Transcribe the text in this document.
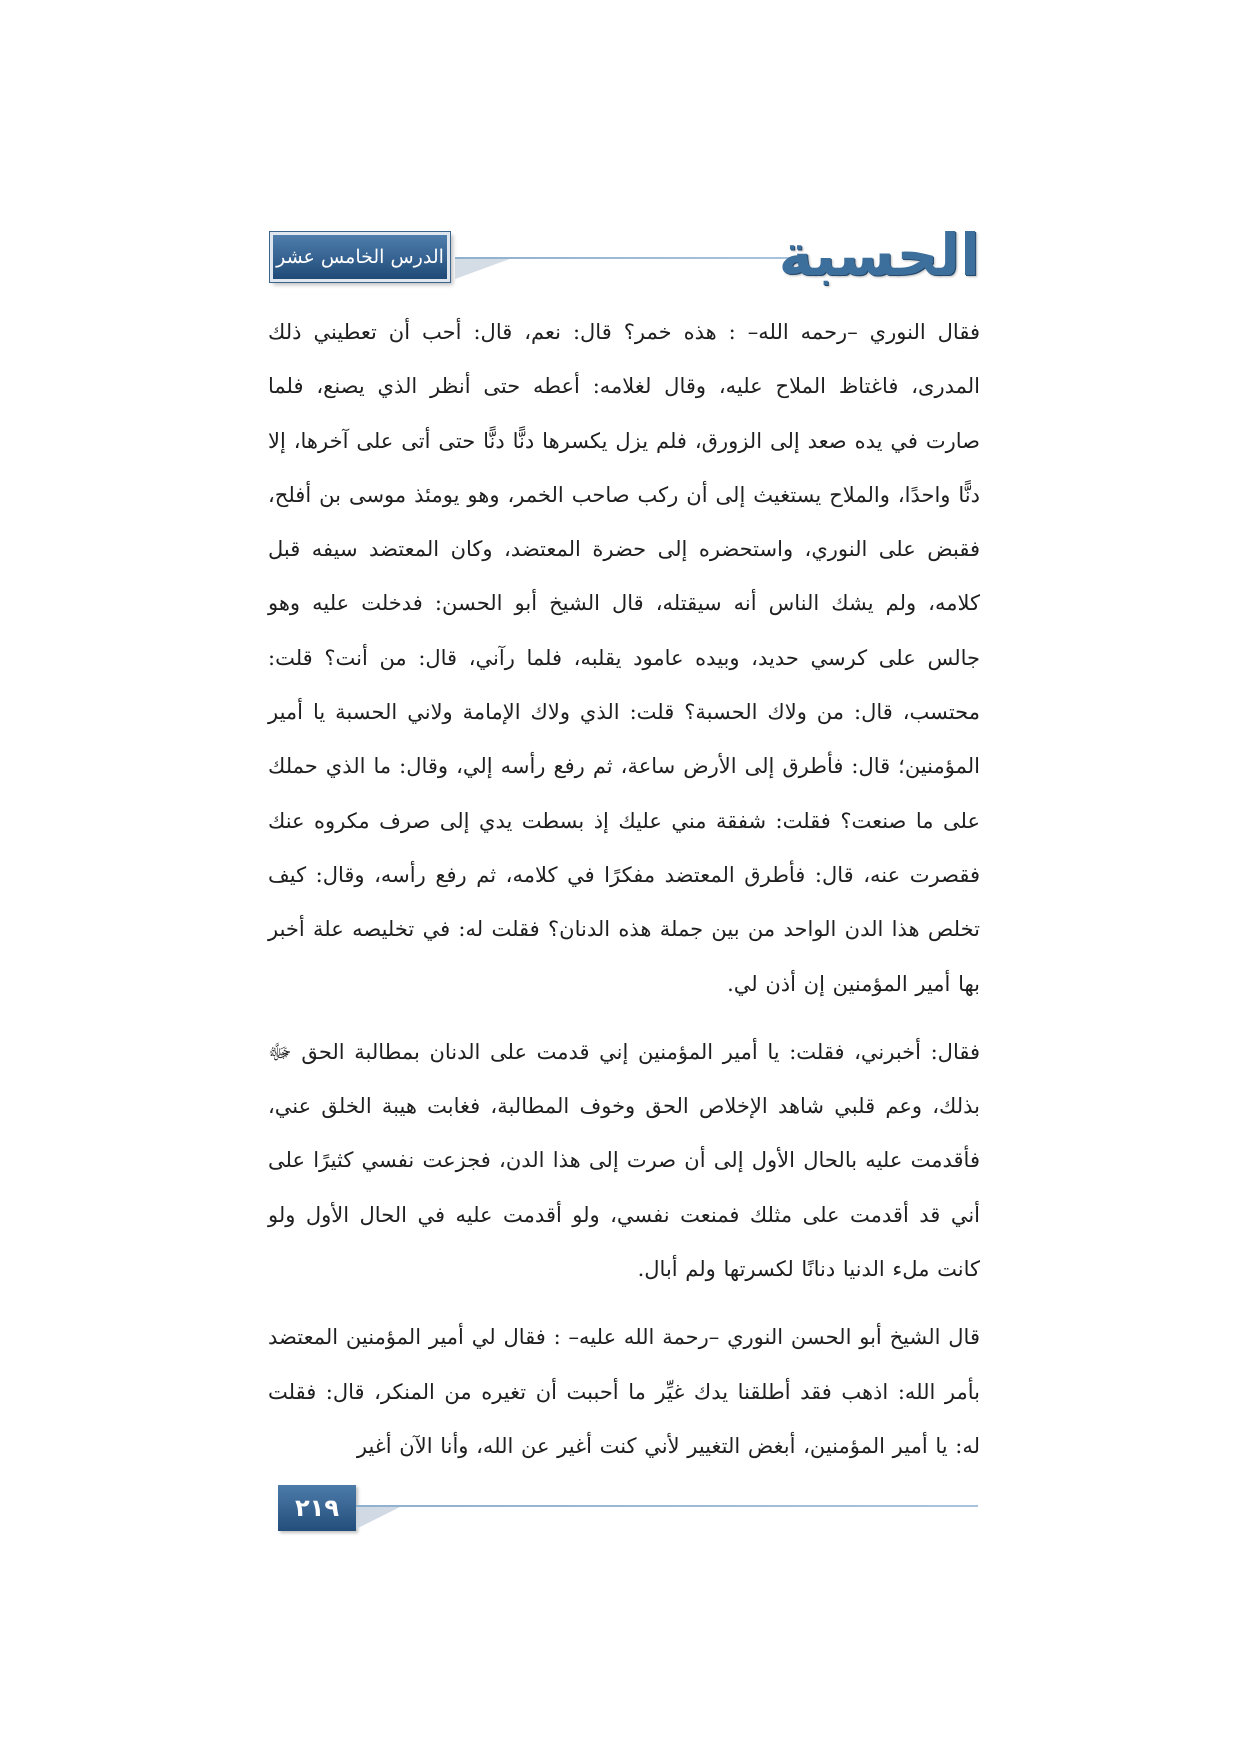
الدرس الخامس عشر	الحسبة

فقال النوري –رحمه الله– : هذه خمر؟ قال: نعم، قال: أحب أن تعطيني ذلك المدرى، فاغتاظ الملاح عليه، وقال لغلامه: أعطه حتى أنظر الذي يصنع، فلما صارت في يده صعد إلى الزورق، فلم يزل يكسرها دنًّا دنًّا حتى أتى على آخرها، إلا دنًّا واحدًا، والملاح يستغيث إلى أن ركب صاحب الخمر، وهو يومئذ موسى بن أفلح، فقبض على النوري، واستحضره إلى حضرة المعتضد، وكان المعتضد سيفه قبل كلامه، ولم يشك الناس أنه سيقتله، قال الشيخ أبو الحسن: فدخلت عليه وهو جالس على كرسي حديد، وبيده عامود يقلبه، فلما رآني، قال: من أنت؟ قلت: محتسب، قال: من ولاك الحسبة؟ قلت: الذي ولاك الإمامة ولاني الحسبة يا أمير المؤمنين؛ قال: فأطرق إلى الأرض ساعة، ثم رفع رأسه إلي، وقال: ما الذي حملك على ما صنعت؟ فقلت: شفقة مني عليك إذ بسطت يدي إلى صرف مكروه عنك فقصرت عنه، قال: فأطرق المعتضد مفكرًا في كلامه، ثم رفع رأسه، وقال: كيف تخلص هذا الدن الواحد من بين جملة هذه الدنان؟ فقلت له: في تخليصه علة أخبر بها أمير المؤمنين إن أذن لي.

فقال: أخبرني، فقلت: يا أمير المؤمنين إني قدمت على الدنان بمطالبة الحق ﷻ بذلك، وعم قلبي شاهد الإخلاص الحق وخوف المطالبة، فغابت هيبة الخلق عني، فأقدمت عليه بالحال الأول إلى أن صرت إلى هذا الدن، فجزعت نفسي كثيرًا على أني قد أقدمت على مثلك فمنعت نفسي، ولو أقدمت عليه في الحال الأول ولو كانت ملء الدنيا دنانًا لكسرتها ولم أبال.

قال الشيخ أبو الحسن النوري –رحمة الله عليه– : فقال لي أمير المؤمنين المعتضد بأمر الله: اذهب فقد أطلقنا يدك غيِّر ما أحببت أن تغيره من المنكر، قال: فقلت له: يا أمير المؤمنين، أبغض التغيير لأني كنت أغير عن الله، وأنا الآن أغير

٢١٩
